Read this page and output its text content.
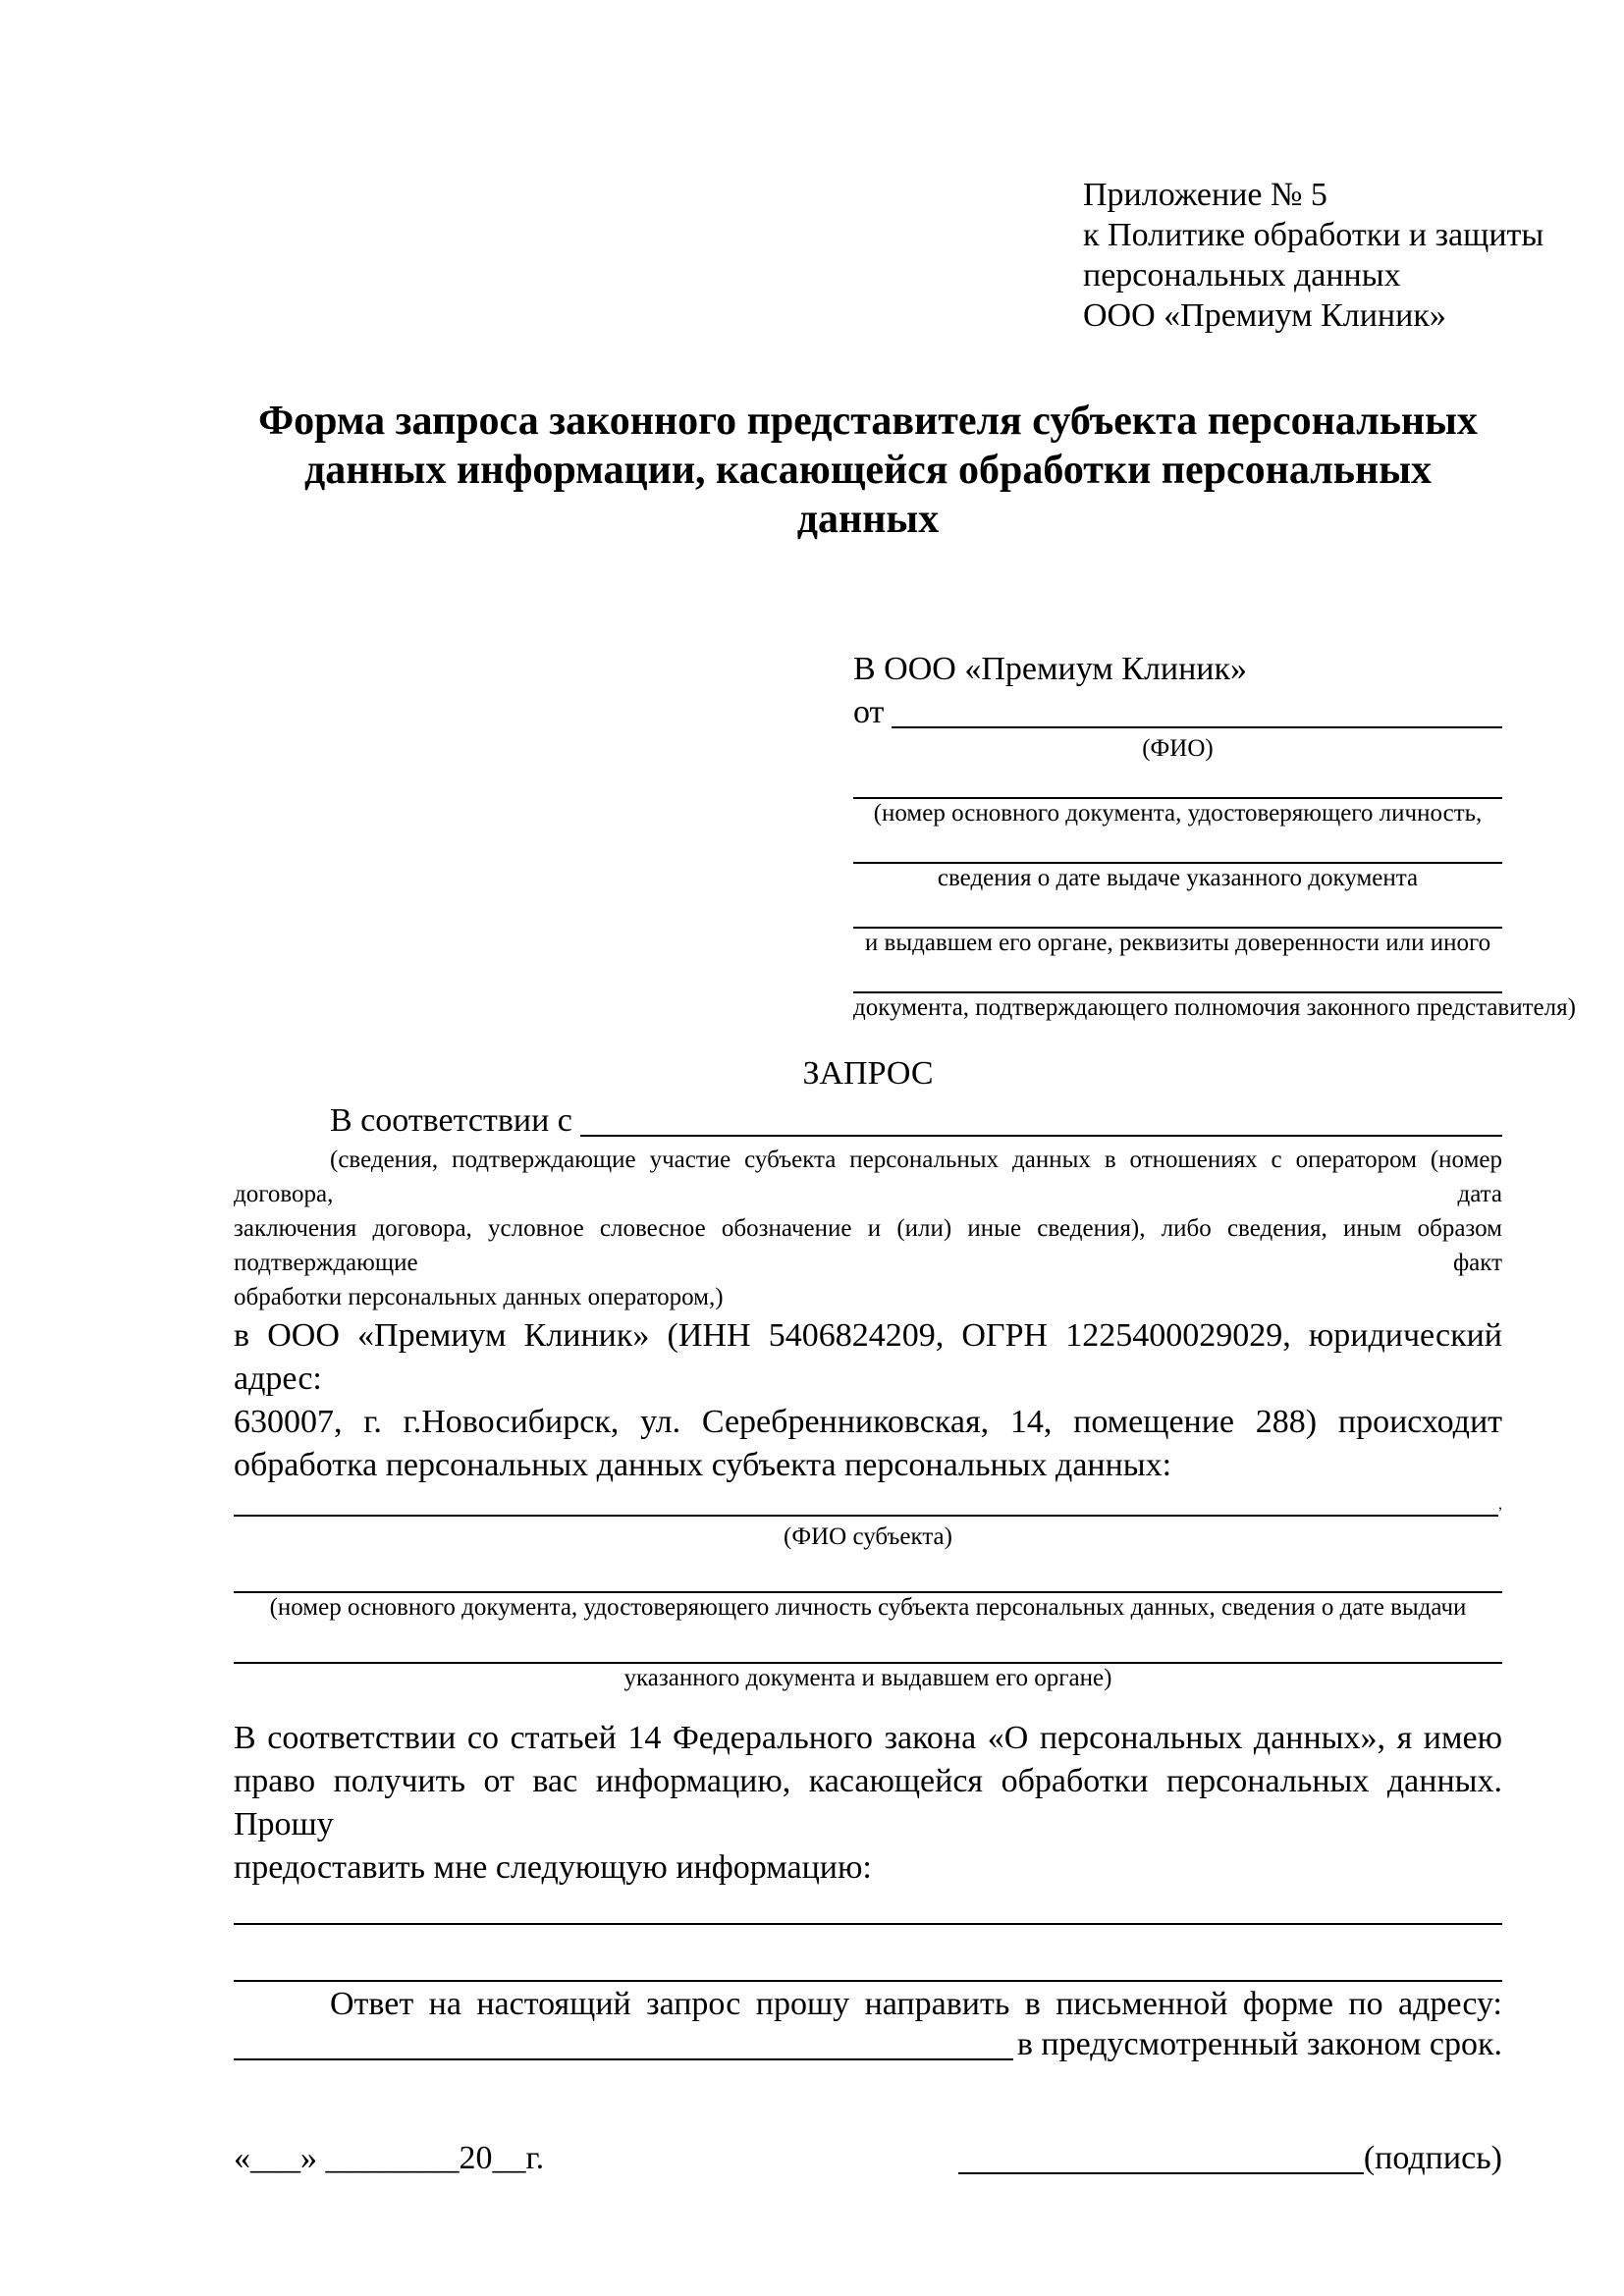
Приложение № 5
к Политике обработки и защиты
персональных данных
ООО «Премиум Клиник»
Форма запроса законного представителя субъекта персональных данных информации, касающейся обработки персональных данных
В ООО «Премиум Клиник»
от
(ФИО)
(номер основного документа, удостоверяющего личность,
сведения о дате выдаче указанного документа
и выдавшем его органе, реквизиты доверенности или иного
документа, подтверждающего полномочия законного представителя)
ЗАПРОС
В соответствии с
(сведения, подтверждающие участие субъекта персональных данных в отношениях с оператором (номер договора, дата
заключения договора, условное словесное обозначение и (или) иные сведения), либо сведения, иным образом подтверждающие факт
обработки персональных данных оператором,)
в ООО «Премиум Клиник» (ИНН 5406824209, ОГРН 1225400029029, юридический адрес:
630007, г. г.Новосибирск, ул. Серебренниковская, 14, помещение 288) происходит
обработка персональных данных субъекта персональных данных:
,
(ФИО субъекта)
(номер основного документа, удостоверяющего личность субъекта персональных данных, сведения о дате выдачи
указанного документа и выдавшем его органе)
В соответствии со статьей 14 Федерального закона «О персональных данных», я имею
право получить от вас информацию, касающейся обработки персональных данных. Прошу
предоставить мне следующую информацию:
Ответ на настоящий запрос прошу направить в письменной форме по адресу:
в предусмотренный законом срок.
«___» ________20__г.	(подпись)
